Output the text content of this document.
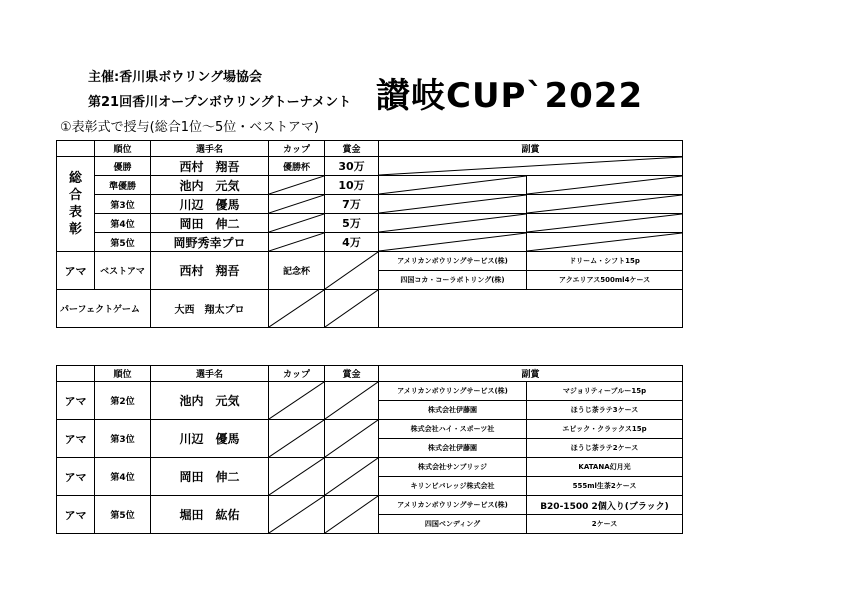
主催:香川県ボウリング場協会
第21回香川オープンボウリングトーナメント 讃岐CUP`2022
①表彰式で授与(総合1位～5位・ベストアマ)
	順位	選手名	カップ	賞金	副賞	

総
合
表
彰	優勝	西村　翔吾	優勝杯	30万	

	準優勝	池内　元気		10万	

	第3位	川辺　優馬		7万	

	第4位	岡田　伸二		5万	

	第5位	岡野秀幸プロ		4万	

アマ	ベストアマ	西村　翔吾	記念杯		アメリカンボウリングサービス(株)	ドリーム・シフト15p
					四国コカ・コーラボトリング(株)	アクエリアス500ml4ケース
パーフェクトゲーム		大西　翔太プロ	

	順位	選手名	カップ	賞金	副賞	
アマ	第2位	池内　元気			アメリカンボウリングサービス(株)	マジョリティーブルー15p
					株式会社伊藤園	ほうじ茶ラテ3ケース
アマ	第3位	川辺　優馬			株式会社ハイ・スポーツ社	エピック・クラックス15p
					株式会社伊藤園	ほうじ茶ラテ2ケース
アマ	第4位	岡田　伸二			株式会社サンブリッジ	KATANA幻月光
					キリンビバレッジ株式会社	555ml生茶2ケース
アマ	第5位	堀田　紘佑			アメリカンボウリングサービス(株)	B20-1500 2個入り(ブラック)
					四国ベンディング	2ケース
